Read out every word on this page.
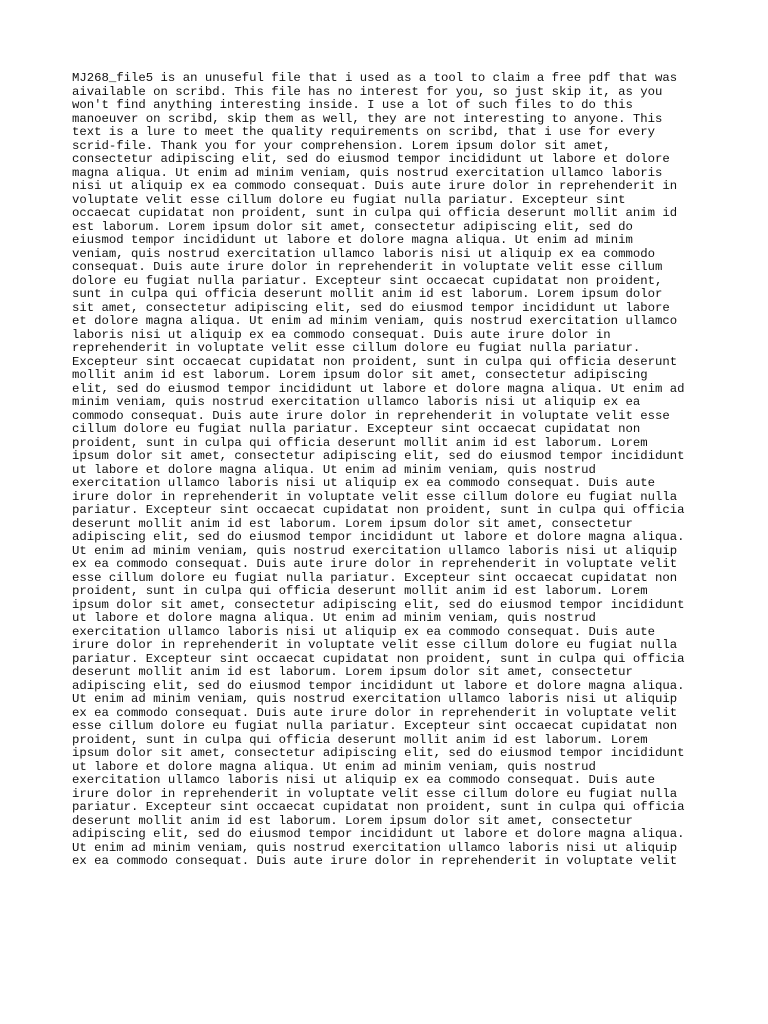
MJ268_file5 is an unuseful file that i used as a tool to claim a free pdf that was
aivailable on scribd. This file has no interest for you, so just skip it, as you
won't find anything interesting inside. I use a lot of such files to do this
manoeuver on scribd, skip them as well, they are not interesting to anyone. This
text is a lure to meet the quality requirements on scribd, that i use for every
scrid-file. Thank you for your comprehension. Lorem ipsum dolor sit amet,
consectetur adipiscing elit, sed do eiusmod tempor incididunt ut labore et dolore
magna aliqua. Ut enim ad minim veniam, quis nostrud exercitation ullamco laboris
nisi ut aliquip ex ea commodo consequat. Duis aute irure dolor in reprehenderit in
voluptate velit esse cillum dolore eu fugiat nulla pariatur. Excepteur sint
occaecat cupidatat non proident, sunt in culpa qui officia deserunt mollit anim id
est laborum. Lorem ipsum dolor sit amet, consectetur adipiscing elit, sed do
eiusmod tempor incididunt ut labore et dolore magna aliqua. Ut enim ad minim
veniam, quis nostrud exercitation ullamco laboris nisi ut aliquip ex ea commodo
consequat. Duis aute irure dolor in reprehenderit in voluptate velit esse cillum
dolore eu fugiat nulla pariatur. Excepteur sint occaecat cupidatat non proident,
sunt in culpa qui officia deserunt mollit anim id est laborum. Lorem ipsum dolor
sit amet, consectetur adipiscing elit, sed do eiusmod tempor incididunt ut labore
et dolore magna aliqua. Ut enim ad minim veniam, quis nostrud exercitation ullamco
laboris nisi ut aliquip ex ea commodo consequat. Duis aute irure dolor in
reprehenderit in voluptate velit esse cillum dolore eu fugiat nulla pariatur.
Excepteur sint occaecat cupidatat non proident, sunt in culpa qui officia deserunt
mollit anim id est laborum. Lorem ipsum dolor sit amet, consectetur adipiscing
elit, sed do eiusmod tempor incididunt ut labore et dolore magna aliqua. Ut enim ad
minim veniam, quis nostrud exercitation ullamco laboris nisi ut aliquip ex ea
commodo consequat. Duis aute irure dolor in reprehenderit in voluptate velit esse
cillum dolore eu fugiat nulla pariatur. Excepteur sint occaecat cupidatat non
proident, sunt in culpa qui officia deserunt mollit anim id est laborum. Lorem
ipsum dolor sit amet, consectetur adipiscing elit, sed do eiusmod tempor incididunt
ut labore et dolore magna aliqua. Ut enim ad minim veniam, quis nostrud
exercitation ullamco laboris nisi ut aliquip ex ea commodo consequat. Duis aute
irure dolor in reprehenderit in voluptate velit esse cillum dolore eu fugiat nulla
pariatur. Excepteur sint occaecat cupidatat non proident, sunt in culpa qui officia
deserunt mollit anim id est laborum. Lorem ipsum dolor sit amet, consectetur
adipiscing elit, sed do eiusmod tempor incididunt ut labore et dolore magna aliqua.
Ut enim ad minim veniam, quis nostrud exercitation ullamco laboris nisi ut aliquip
ex ea commodo consequat. Duis aute irure dolor in reprehenderit in voluptate velit
esse cillum dolore eu fugiat nulla pariatur. Excepteur sint occaecat cupidatat non
proident, sunt in culpa qui officia deserunt mollit anim id est laborum. Lorem
ipsum dolor sit amet, consectetur adipiscing elit, sed do eiusmod tempor incididunt
ut labore et dolore magna aliqua. Ut enim ad minim veniam, quis nostrud
exercitation ullamco laboris nisi ut aliquip ex ea commodo consequat. Duis aute
irure dolor in reprehenderit in voluptate velit esse cillum dolore eu fugiat nulla
pariatur. Excepteur sint occaecat cupidatat non proident, sunt in culpa qui officia
deserunt mollit anim id est laborum. Lorem ipsum dolor sit amet, consectetur
adipiscing elit, sed do eiusmod tempor incididunt ut labore et dolore magna aliqua.
Ut enim ad minim veniam, quis nostrud exercitation ullamco laboris nisi ut aliquip
ex ea commodo consequat. Duis aute irure dolor in reprehenderit in voluptate velit
esse cillum dolore eu fugiat nulla pariatur. Excepteur sint occaecat cupidatat non
proident, sunt in culpa qui officia deserunt mollit anim id est laborum. Lorem
ipsum dolor sit amet, consectetur adipiscing elit, sed do eiusmod tempor incididunt
ut labore et dolore magna aliqua. Ut enim ad minim veniam, quis nostrud
exercitation ullamco laboris nisi ut aliquip ex ea commodo consequat. Duis aute
irure dolor in reprehenderit in voluptate velit esse cillum dolore eu fugiat nulla
pariatur. Excepteur sint occaecat cupidatat non proident, sunt in culpa qui officia
deserunt mollit anim id est laborum. Lorem ipsum dolor sit amet, consectetur
adipiscing elit, sed do eiusmod tempor incididunt ut labore et dolore magna aliqua.
Ut enim ad minim veniam, quis nostrud exercitation ullamco laboris nisi ut aliquip
ex ea commodo consequat. Duis aute irure dolor in reprehenderit in voluptate velit
